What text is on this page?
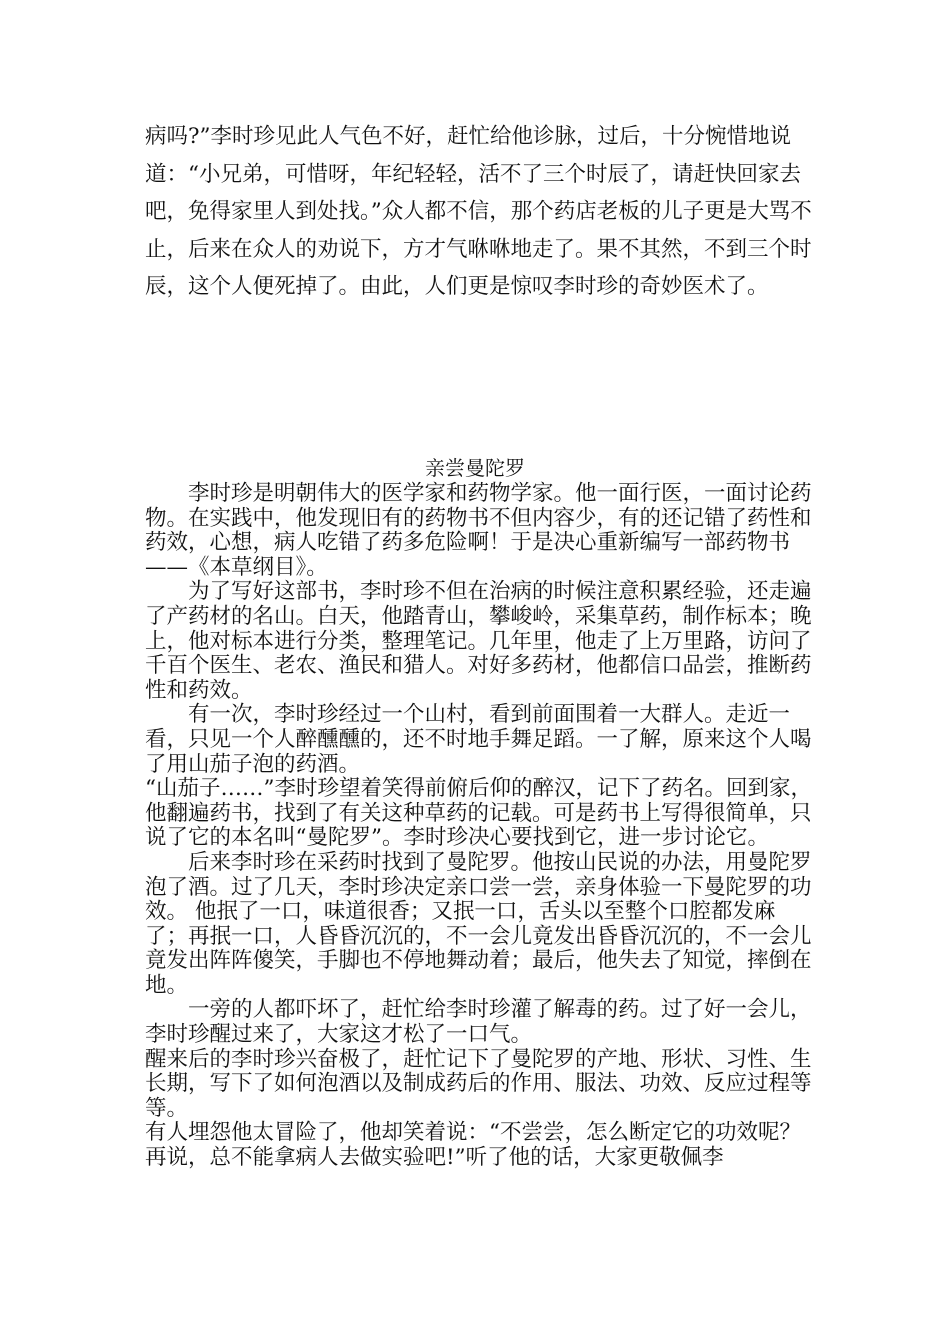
病吗?”李时珍见此人气色不好，赶忙给他诊脉，过后，十分惋惜地说道：“小兄弟，可惜呀，年纪轻轻，活不了三个时辰了，请赶快回家去吧，免得家里人到处找。”众人都不信，那个药店老板的儿子更是大骂不止，后来在众人的劝说下，方才气咻咻地走了。果不其然，不到三个时辰，这个人便死掉了。由此，人们更是惊叹李时珍的奇妙医术了。

亲尝曼陀罗

李时珍是明朝伟大的医学家和药物学家。他一面行医，一面讨论药物。在实践中，他发现旧有的药物书不但内容少，有的还记错了药性和药效，心想，病人吃错了药多危险啊！于是决心重新编写一部药物书——《本草纲目》。

为了写好这部书，李时珍不但在治病的时候注意积累经验，还走遍了产药材的名山。白天，他踏青山，攀峻岭，采集草药，制作标本；晚上，他对标本进行分类，整理笔记。几年里，他走了上万里路，访问了千百个医生、老农、渔民和猎人。对好多药材，他都信口品尝，推断药性和药效。

有一次，李时珍经过一个山村，看到前面围着一大群人。走近一看，只见一个人醉醺醺的，还不时地手舞足蹈。一了解，原来这个人喝了用山茄子泡的药酒。

“山茄子……”李时珍望着笑得前俯后仰的醉汉，记下了药名。回到家，他翻遍药书，找到了有关这种草药的记载。可是药书上写得很简单，只说了它的本名叫“曼陀罗”。李时珍决心要找到它，进一步讨论它。

后来李时珍在采药时找到了曼陀罗。他按山民说的办法，用曼陀罗泡了酒。过了几天，李时珍决定亲口尝一尝，亲身体验一下曼陀罗的功效。 他抿了一口，味道很香；又抿一口，舌头以至整个口腔都发麻了；再抿一口，人昏昏沉沉的，不一会儿竟发出昏昏沉沉的，不一会儿竟发出阵阵傻笑，手脚也不停地舞动着；最后，他失去了知觉，摔倒在地。

一旁的人都吓坏了，赶忙给李时珍灌了解毒的药。过了好一会儿，李时珍醒过来了，大家这才松了一口气。

醒来后的李时珍兴奋极了，赶忙记下了曼陀罗的产地、形状、习性、生长期，写下了如何泡酒以及制成药后的作用、服法、功效、反应过程等等。

有人埋怨他太冒险了，他却笑着说：“不尝尝，怎么断定它的功效呢？再说，总不能拿病人去做实验吧!”听了他的话，大家更敬佩李
